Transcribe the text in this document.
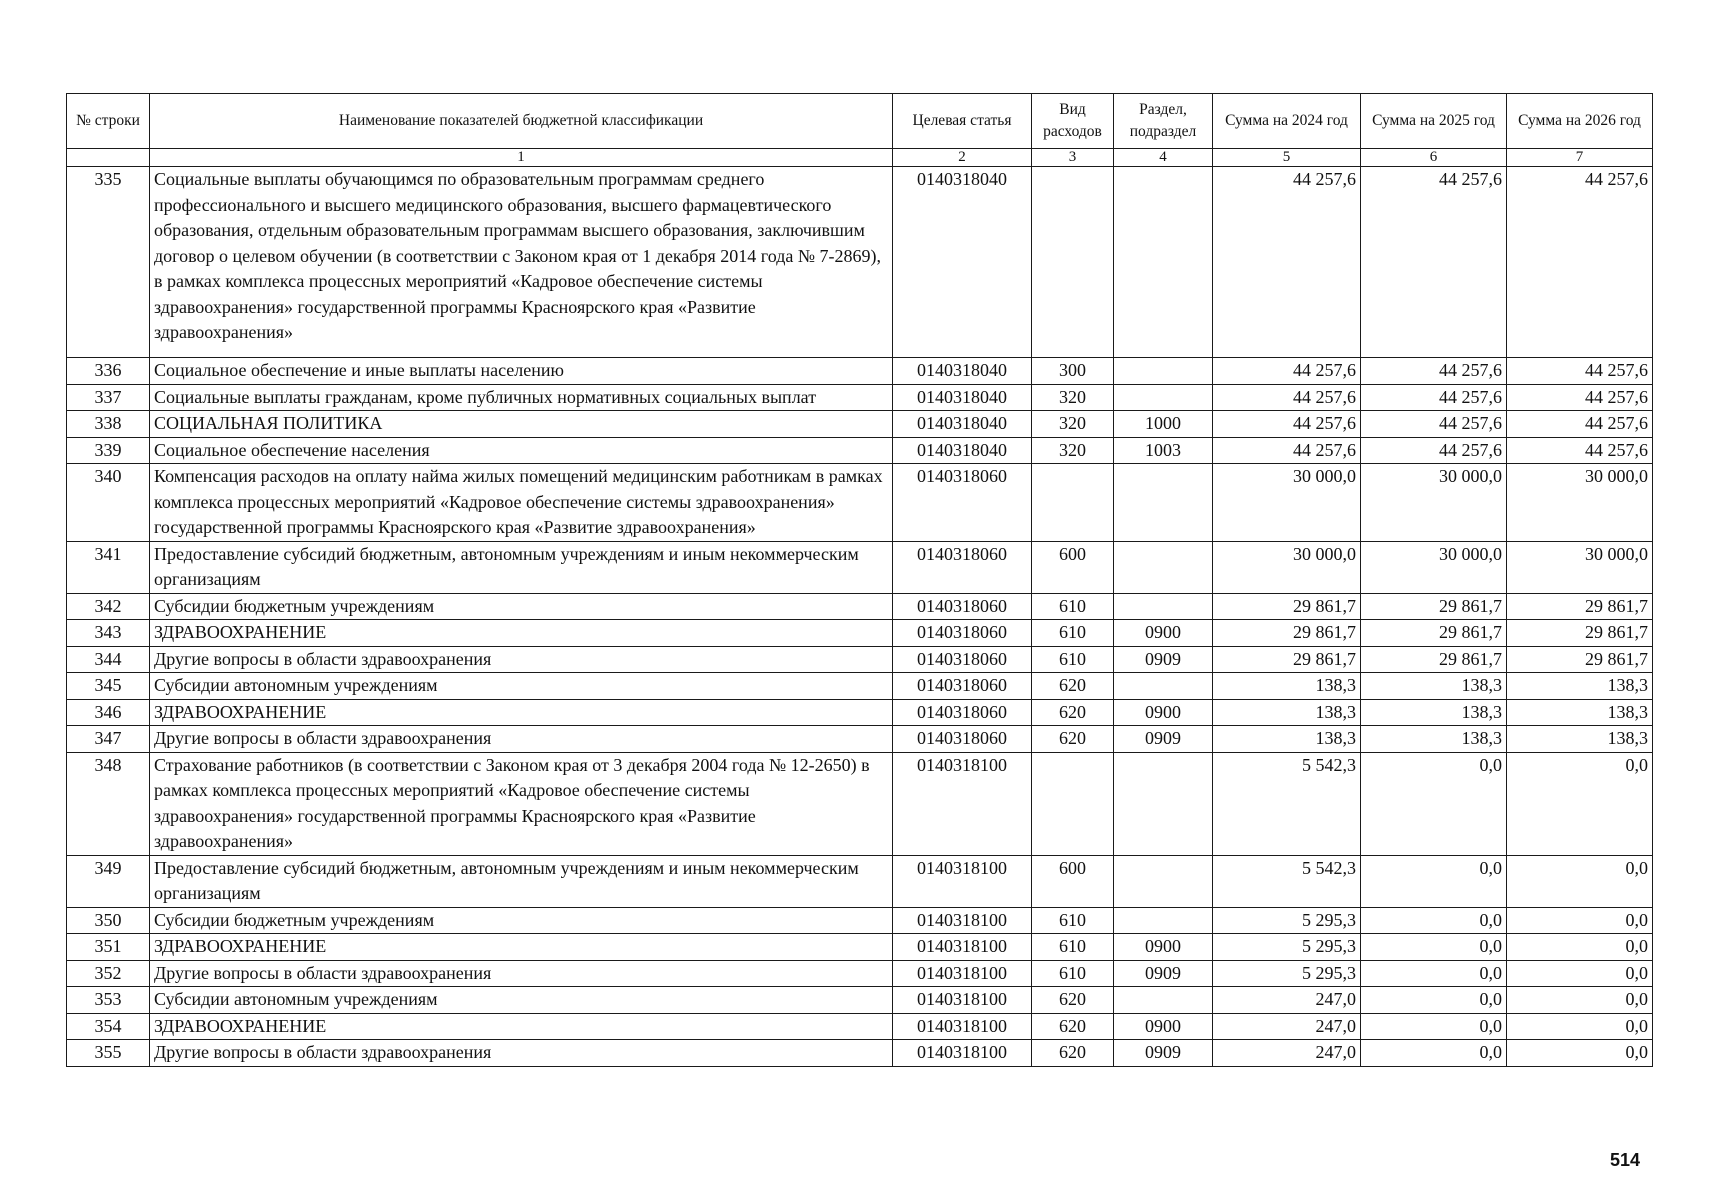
№ строки	Наименование показателей бюджетной классификации	Целевая статья	Вид расходов	Раздел, подраздел	Сумма на 2024 год	Сумма на 2025 год	Сумма на 2026 год
	1	2	3	4	5	6	7
335	Социальные выплаты обучающимся по образовательным программам среднего профессионального и высшего медицинского образования, высшего фармацевтического образования, отдельным образовательным программам высшего образования, заключившим договор о целевом обучении (в соответствии с Законом края от 1 декабря 2014 года № 7-2869), в рамках комплекса процессных мероприятий «Кадровое обеспечение системы здравоохранения» государственной программы Красноярского края «Развитие здравоохранения»	0140318040			44 257,6	44 257,6	44 257,6
336	Социальное обеспечение и иные выплаты населению	0140318040	300		44 257,6	44 257,6	44 257,6
337	Социальные выплаты гражданам, кроме публичных нормативных социальных выплат	0140318040	320		44 257,6	44 257,6	44 257,6
338	СОЦИАЛЬНАЯ ПОЛИТИКА	0140318040	320	1000	44 257,6	44 257,6	44 257,6
339	Социальное обеспечение населения	0140318040	320	1003	44 257,6	44 257,6	44 257,6
340	Компенсация расходов на оплату найма жилых помещений медицинским работникам в рамках комплекса процессных мероприятий «Кадровое обеспечение системы здравоохранения» государственной программы Красноярского края «Развитие здравоохранения»	0140318060			30 000,0	30 000,0	30 000,0
341	Предоставление субсидий бюджетным, автономным учреждениям и иным некоммерческим организациям	0140318060	600		30 000,0	30 000,0	30 000,0
342	Субсидии бюджетным учреждениям	0140318060	610		29 861,7	29 861,7	29 861,7
343	ЗДРАВООХРАНЕНИЕ	0140318060	610	0900	29 861,7	29 861,7	29 861,7
344	Другие вопросы в области здравоохранения	0140318060	610	0909	29 861,7	29 861,7	29 861,7
345	Субсидии автономным учреждениям	0140318060	620		138,3	138,3	138,3
346	ЗДРАВООХРАНЕНИЕ	0140318060	620	0900	138,3	138,3	138,3
347	Другие вопросы в области здравоохранения	0140318060	620	0909	138,3	138,3	138,3
348	Страхование работников (в соответствии с Законом края от 3 декабря 2004 года № 12-2650) в рамках комплекса процессных мероприятий «Кадровое обеспечение системы здравоохранения» государственной программы Красноярского края «Развитие здравоохранения»	0140318100			5 542,3	0,0	0,0
349	Предоставление субсидий бюджетным, автономным учреждениям и иным некоммерческим организациям	0140318100	600		5 542,3	0,0	0,0
350	Субсидии бюджетным учреждениям	0140318100	610		5 295,3	0,0	0,0
351	ЗДРАВООХРАНЕНИЕ	0140318100	610	0900	5 295,3	0,0	0,0
352	Другие вопросы в области здравоохранения	0140318100	610	0909	5 295,3	0,0	0,0
353	Субсидии автономным учреждениям	0140318100	620		247,0	0,0	0,0
354	ЗДРАВООХРАНЕНИЕ	0140318100	620	0900	247,0	0,0	0,0
355	Другие вопросы в области здравоохранения	0140318100	620	0909	247,0	0,0	0,0
514
